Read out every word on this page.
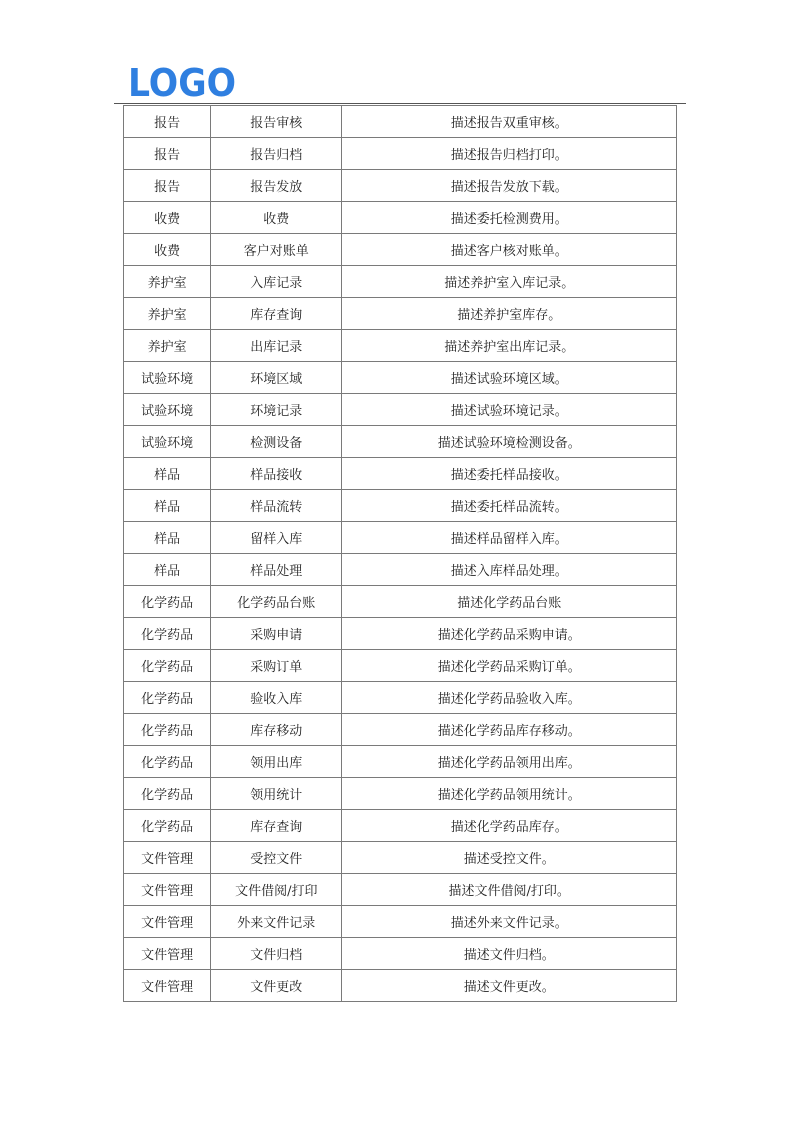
LOGO
报告	报告审核	描述报告双重审核。
报告	报告归档	描述报告归档打印。
报告	报告发放	描述报告发放下载。
收费	收费	描述委托检测费用。
收费	客户对账单	描述客户核对账单。
养护室	入库记录	描述养护室入库记录。
养护室	库存查询	描述养护室库存。
养护室	出库记录	描述养护室出库记录。
试验环境	环境区域	描述试验环境区域。
试验环境	环境记录	描述试验环境记录。
试验环境	检测设备	描述试验环境检测设备。
样品	样品接收	描述委托样品接收。
样品	样品流转	描述委托样品流转。
样品	留样入库	描述样品留样入库。
样品	样品处理	描述入库样品处理。
化学药品	化学药品台账	描述化学药品台账
化学药品	采购申请	描述化学药品采购申请。
化学药品	采购订单	描述化学药品采购订单。
化学药品	验收入库	描述化学药品验收入库。
化学药品	库存移动	描述化学药品库存移动。
化学药品	领用出库	描述化学药品领用出库。
化学药品	领用统计	描述化学药品领用统计。
化学药品	库存查询	描述化学药品库存。
文件管理	受控文件	描述受控文件。
文件管理	文件借阅/打印	描述文件借阅/打印。
文件管理	外来文件记录	描述外来文件记录。
文件管理	文件归档	描述文件归档。
文件管理	文件更改	描述文件更改。
